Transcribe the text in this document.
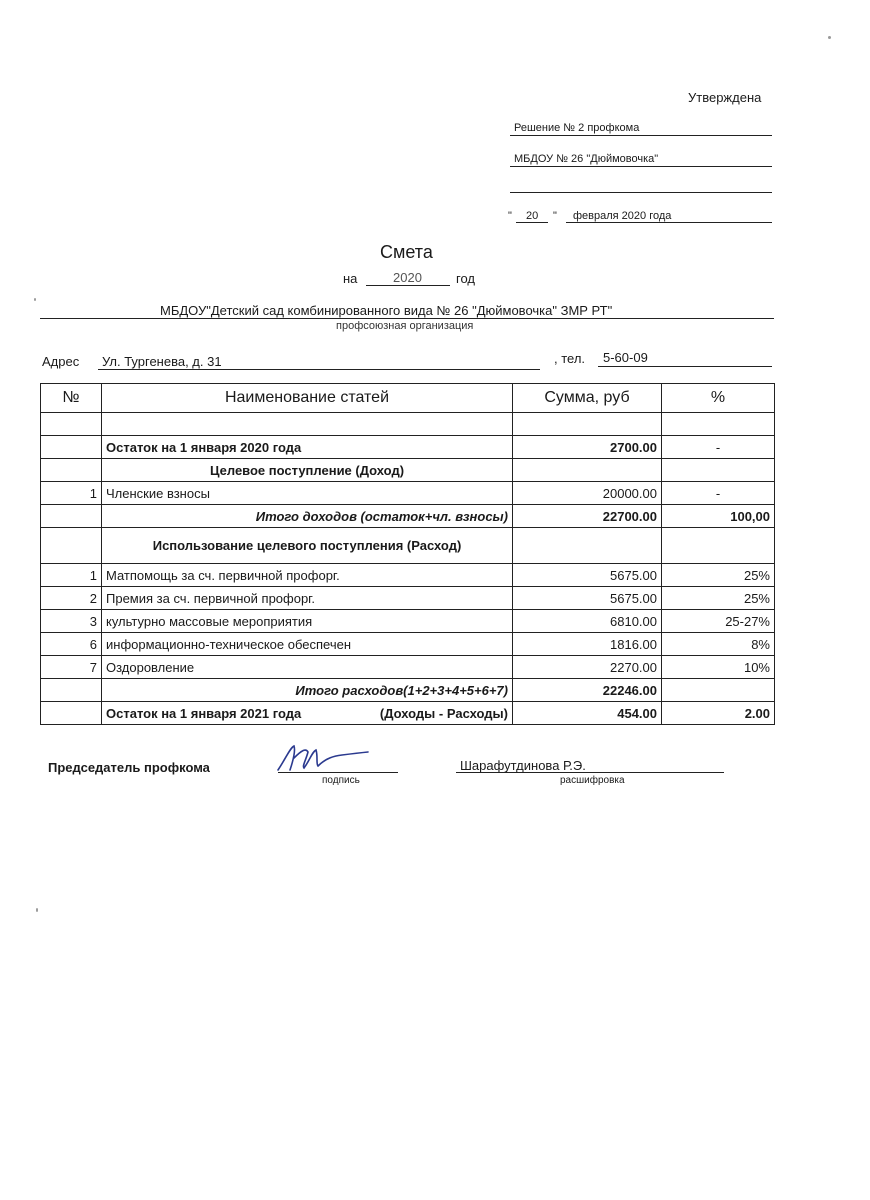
Утверждена
Решение № 2 профкома
МБДОУ № 26 "Дюймовочка"
" 20 " февраля 2020 года
Смета
на	2020	год
МБДОУ"Детский сад комбинированного вида № 26 "Дюймовочка" ЗМР РТ"
профсоюзная организация
Адрес Ул. Тургенева, д. 31	, тел. 5-60-09
№	Наименование статей	Сумма, руб	%

	Остаток на 1 января 2020 года	2700.00	-
	Целевое поступление (Доход)		
1	Членские взносы	20000.00	-
	Итого доходов (остаток+чл. взносы)	22700.00	100,00
	Использование целевого поступления (Расход)		
1	Матпомощь за сч. первичной профорг.	5675.00	25%
2	Премия за сч. первичной профорг.	5675.00	25%
3	культурно массовые мероприятия	6810.00	25-27%
6	информационно-техническое обеспечен	1816.00	8%
7	Оздоровление	2270.00	10%
	Итого расходов(1+2+3+4+5+6+7)	22246.00	
	Остаток на 1 января 2021 года (Доходы - Расходы)	454.00	2.00
Председатель профкома
подпись
Шарафутдинова Р.Э.
расшифровка
